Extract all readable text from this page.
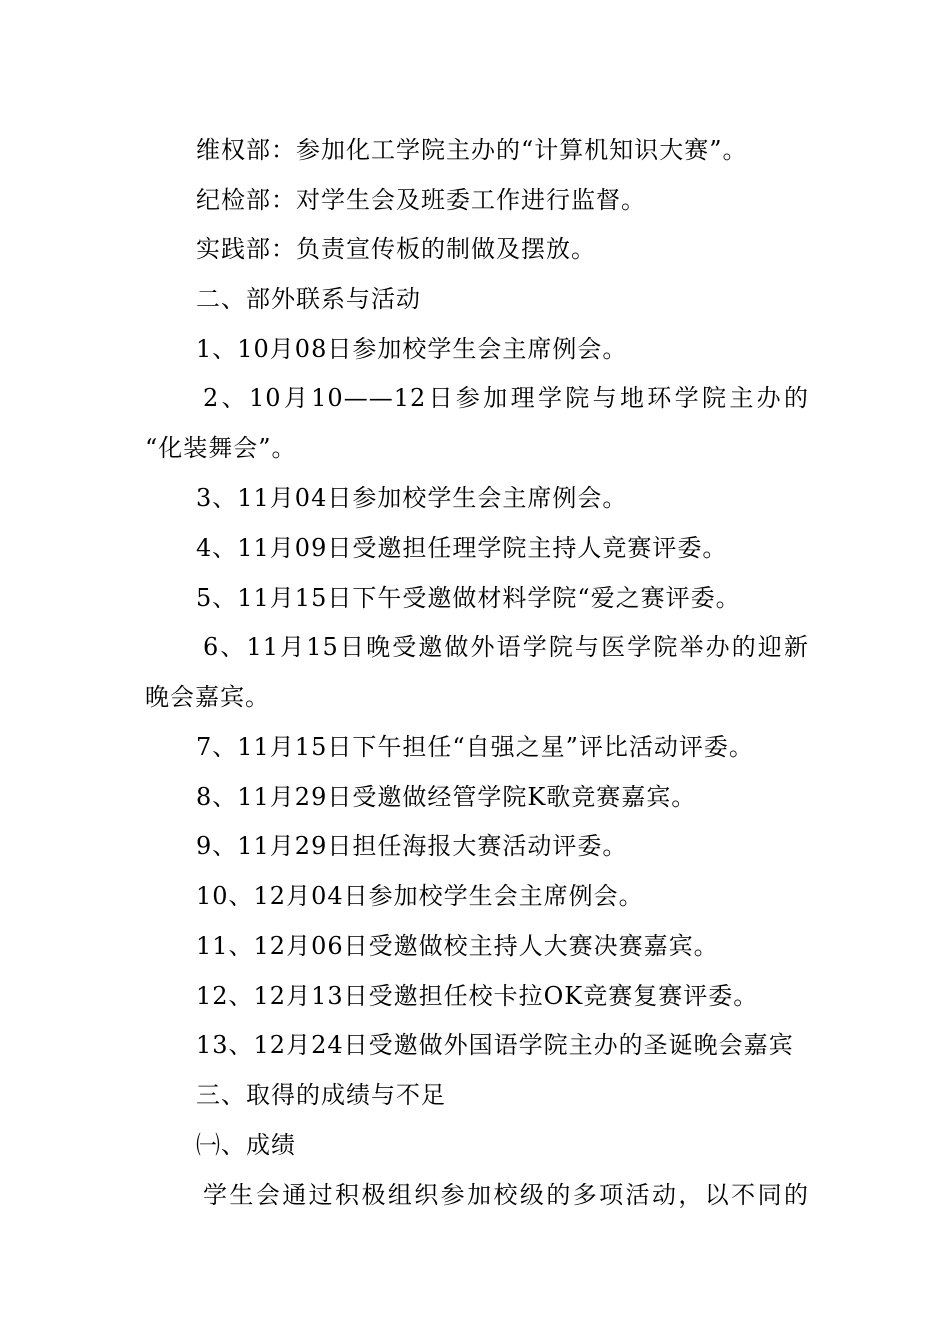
维权部：参加化工学院主办的“计算机知识大赛”。
纪检部：对学生会及班委工作进行监督。
实践部：负责宣传板的制做及摆放。
二、部外联系与活动
1、10月08日参加校学生会主席例会。
2、10月10——12日参加理学院与地环学院主办的
“化装舞会”。
3、11月04日参加校学生会主席例会。
4、11月09日受邀担任理学院主持人竞赛评委。
5、11月15日下午受邀做材料学院“爱之赛评委。
6、11月15日晚受邀做外语学院与医学院举办的迎新
晚会嘉宾。
7、11月15日下午担任“自强之星”评比活动评委。
8、11月29日受邀做经管学院K歌竞赛嘉宾。
9、11月29日担任海报大赛活动评委。
10、12月04日参加校学生会主席例会。
11、12月06日受邀做校主持人大赛决赛嘉宾。
12、12月13日受邀担任校卡拉OK竞赛复赛评委。
13、12月24日受邀做外国语学院主办的圣诞晚会嘉宾
三、取得的成绩与不足
㈠、成绩
学生会通过积极组织参加校级的多项活动，以不同的
